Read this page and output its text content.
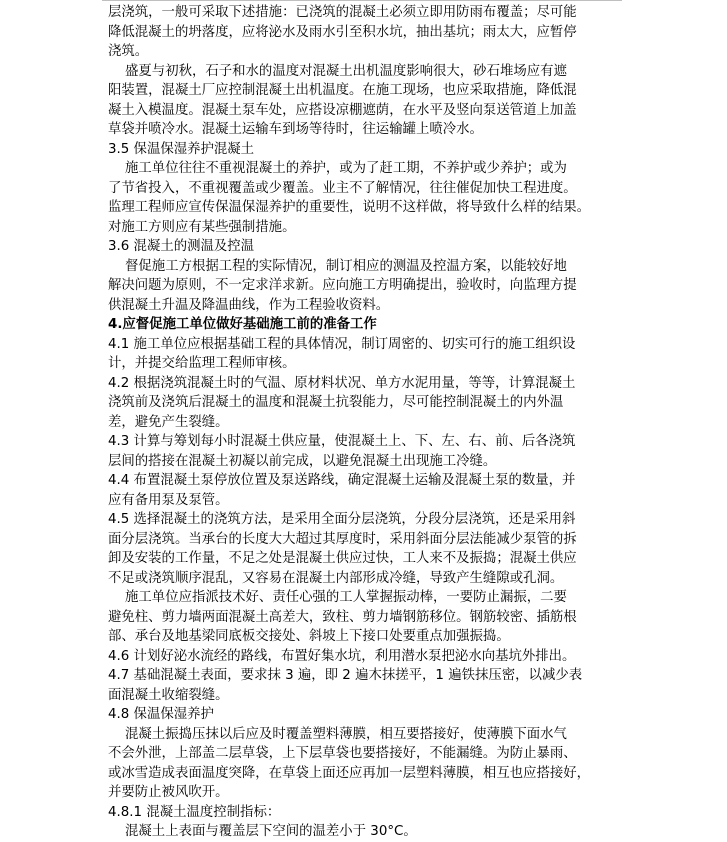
层浇筑，一般可采取下述措施：已浇筑的混凝土必须立即用防雨布覆盖；尽可能
降低混凝土的坍落度，应将泌水及雨水引至积水坑，抽出基坑；雨太大，应暂停
浇筑。
盛夏与初秋，石子和水的温度对混凝土出机温度影响很大，砂石堆场应有遮
阳装置，混凝土厂应控制混凝土出机温度。在施工现场，也应采取措施，降低混
凝土入模温度。混凝土泵车处，应搭设凉棚遮荫，在水平及竖向泵送管道上加盖
草袋并喷冷水。混凝土运输车到场等待时，往运输罐上喷冷水。
3.5 保温保湿养护混凝土
施工单位往往不重视混凝土的养护，或为了赶工期，不养护或少养护；或为
了节省投入，不重视覆盖或少覆盖。业主不了解情况，往往催促加快工程进度。
监理工程师应宣传保温保湿养护的重要性，说明不这样做，将导致什么样的结果。
对施工方则应有某些强制措施。
3.6 混凝土的测温及控温
督促施工方根据工程的实际情况，制订相应的测温及控温方案，以能较好地
解决问题为原则，不一定求洋求新。应向施工方明确提出，验收时，向监理方提
供混凝土升温及降温曲线，作为工程验收资料。
4.应督促施工单位做好基础施工前的准备工作
4.1 施工单位应根据基础工程的具体情况，制订周密的、切实可行的施工组织设
计，并提交给监理工程师审核。
4.2 根据浇筑混凝土时的气温、原材料状况、单方水泥用量，等等，计算混凝土
浇筑前及浇筑后混凝土的温度和混凝土抗裂能力，尽可能控制混凝土的内外温
差，避免产生裂缝。
4.3 计算与筹划每小时混凝土供应量，使混凝土上、下、左、右、前、后各浇筑
层间的搭接在混凝土初凝以前完成，以避免混凝土出现施工冷缝。
4.4 布置混凝土泵停放位置及泵送路线，确定混凝土运输及混凝土泵的数量，并
应有备用泵及泵管。
4.5 选择混凝土的浇筑方法，是采用全面分层浇筑，分段分层浇筑，还是采用斜
面分层浇筑。当承台的长度大大超过其厚度时，采用斜面分层法能减少泵管的拆
卸及安装的工作量，不足之处是混凝土供应过快，工人来不及振捣；混凝土供应
不足或浇筑顺序混乱，又容易在混凝土内部形成冷缝，导致产生缝隙或孔洞。
施工单位应指派技术好、责任心强的工人掌握振动棒，一要防止漏振，二要
避免柱、剪力墙两面混凝土高差大，致柱、剪力墙钢筋移位。钢筋较密、插筋根
部、承台及地基梁同底板交接处、斜坡上下接口处要重点加强振捣。
4.6 计划好泌水流经的路线，布置好集水坑，利用潜水泵把泌水向基坑外排出。
4.7 基础混凝土表面，要求抹 3 遍，即 2 遍木抹搓平，1 遍铁抹压密，以减少表
面混凝土收缩裂缝。
4.8 保温保湿养护
混凝土振捣压抹以后应及时覆盖塑料薄膜，相互要搭接好，使薄膜下面水气
不会外泄，上部盖二层草袋，上下层草袋也要搭接好，不能漏缝。为防止暴雨、
或冰雪造成表面温度突降，在草袋上面还应再加一层塑料薄膜，相互也应搭接好，
并要防止被风吹开。
4.8.1 混凝土温度控制指标：
混凝土上表面与覆盖层下空间的温差小于 30°C。
